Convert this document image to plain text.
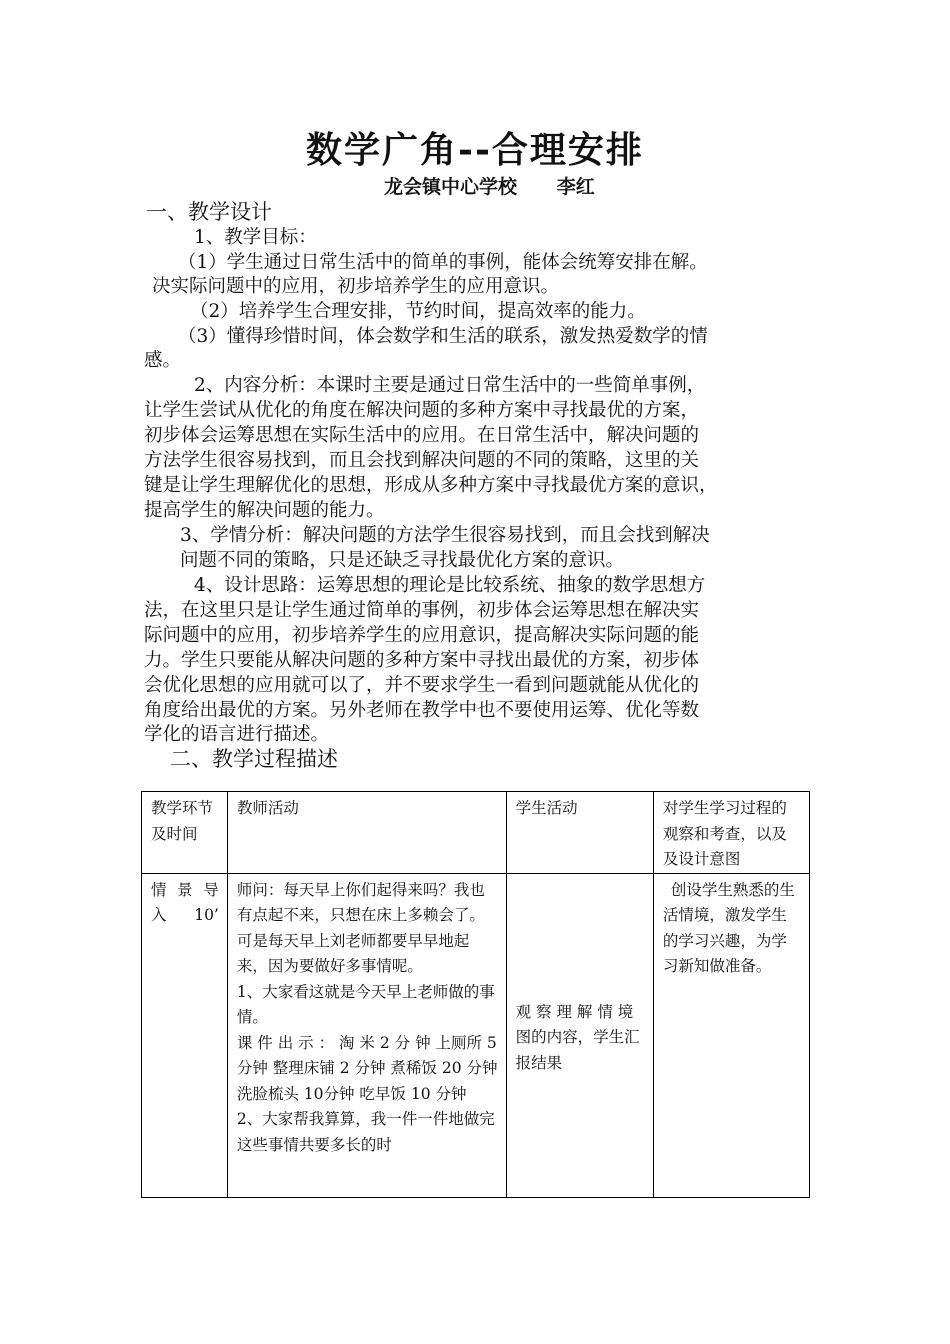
数学广角--合理安排
龙会镇中心学校      李红
一、教学设计
1、教学目标：
（1）学生通过日常生活中的简单的事例，能体会统筹安排在解。
决实际问题中的应用，初步培养学生的应用意识。
（2）培养学生合理安排，节约时间，提高效率的能力。
（3）懂得珍惜时间，体会数学和生活的联系，激发热爱数学的情
感。
2、内容分析：本课时主要是通过日常生活中的一些简单事例，
让学生尝试从优化的角度在解决问题的多种方案中寻找最优的方案，
初步体会运筹思想在实际生活中的应用。在日常生活中，解决问题的
方法学生很容易找到，而且会找到解决问题的不同的策略，这里的关
键是让学生理解优化的思想，形成从多种方案中寻找最优方案的意识，
提高学生的解决问题的能力。
3、学情分析：解决问题的方法学生很容易找到，而且会找到解决
问题不同的策略，只是还缺乏寻找最优化方案的意识。
4、设计思路：运筹思想的理论是比较系统、抽象的数学思想方
法，在这里只是让学生通过简单的事例，初步体会运筹思想在解决实
际问题中的应用，初步培养学生的应用意识，提高解决实际问题的能
力。学生只要能从解决问题的多种方案中寻找出最优的方案，初步体
会优化思想的应用就可以了，并不要求学生一看到问题就能从优化的
角度给出最优的方案。另外老师在教学中也不要使用运筹、优化等数
学化的语言进行描述。
二、教学过程描述
教学环节及时间	教师活动	学生活动	对学生学习过程的观察和考查，以及及设计意图

情 景 导 入10’	师问：每天早上你们起得来吗？我也有点起不来，只想在床上多赖会了。可是每天早上刘老师都要早早地起来，因为要做好多事情呢。
1、大家看这就是今天早上老师做的事情。
课 件 出 示 ： 淘 米 2 分 钟 上厕所 5 分钟 整理床铺 2 分钟 煮稀饭 20 分钟 洗脸梳头 10分钟 吃早饭 10 分钟
2、大家帮我算算，我一件一件地做完这些事情共要多长的时	观 察 理 解 情 境 图的内容，学生汇报结果	创设学生熟悉的生活情境，激发学生的学习兴趣，为学习新知做准备。
